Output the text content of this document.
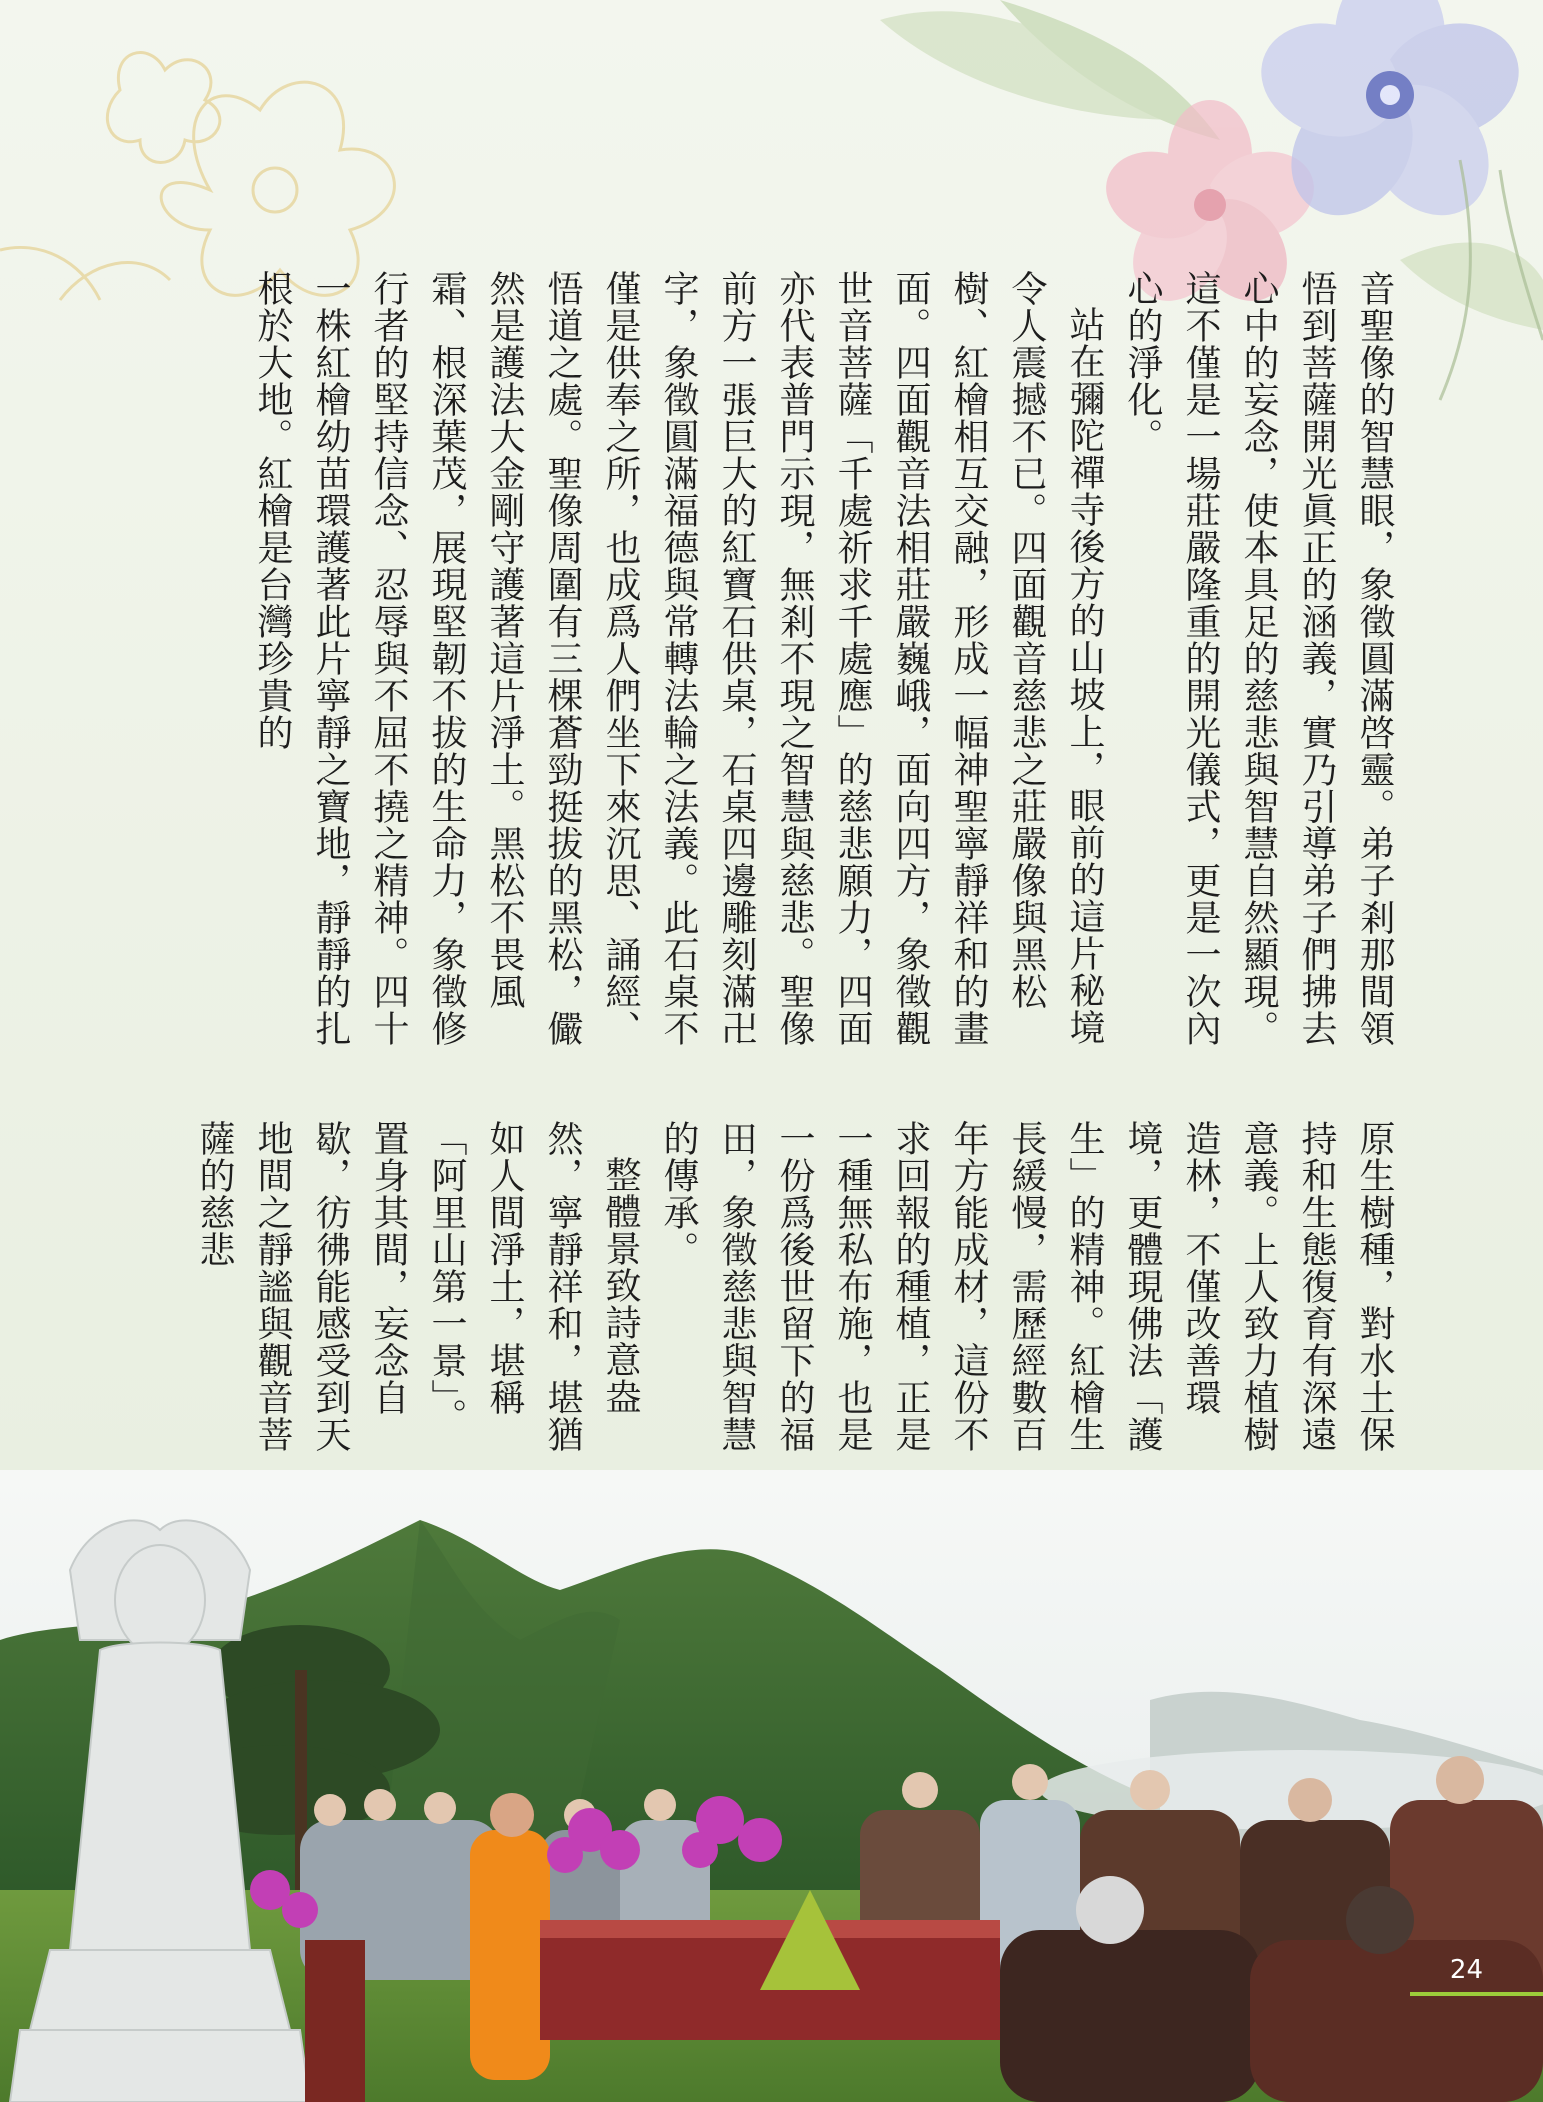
音聖像的智慧眼，象徵圓滿啓靈。弟子剎那間領悟到菩薩開光眞正的涵義，實乃引導弟子們拂去心中的妄念，使本具足的慈悲與智慧自然顯現。這不僅是一場莊嚴隆重的開光儀式，更是一次內心的淨化。

站在彌陀禪寺後方的山坡上，眼前的這片秘境令人震撼不已。四面觀音慈悲之莊嚴像與黑松樹、紅檜相互交融，形成一幅神聖寧靜祥和的畫面。四面觀音法相莊嚴巍峨，面向四方，象徵觀世音菩薩「千處祈求千處應」的慈悲願力，四面亦代表普門示現，無剎不現之智慧與慈悲。聖像前方一張巨大的紅寶石供桌，石桌四邊雕刻滿卍字，象徵圓滿福德與常轉法輪之法義。此石桌不僅是供奉之所，也成爲人們坐下來沉思、誦經、悟道之處。聖像周圍有三棵蒼勁挺拔的黑松，儼然是護法大金剛守護著這片淨土。黑松不畏風霜、根深葉茂，展現堅韌不拔的生命力，象徵修行者的堅持信念、忍辱與不屈不撓之精神。四十一株紅檜幼苗環護著此片寧靜之寶地，靜靜的扎根於大地。紅檜是台灣珍貴的

原生樹種，對水土保持和生態復育有深遠意義。上人致力植樹造林，不僅改善環境，更體現佛法「護生」的精神。紅檜生長緩慢，需歷經數百年方能成材，這份不求回報的種植，正是一種無私布施，也是一份爲後世留下的福田，象徵慈悲與智慧的傳承。

整體景致詩意盎然，寧靜祥和，堪猶如人間淨土，堪稱「阿里山第一景」。置身其間，妄念自歇，彷彿能感受到天地間之靜謐與觀音菩薩的慈悲

24
